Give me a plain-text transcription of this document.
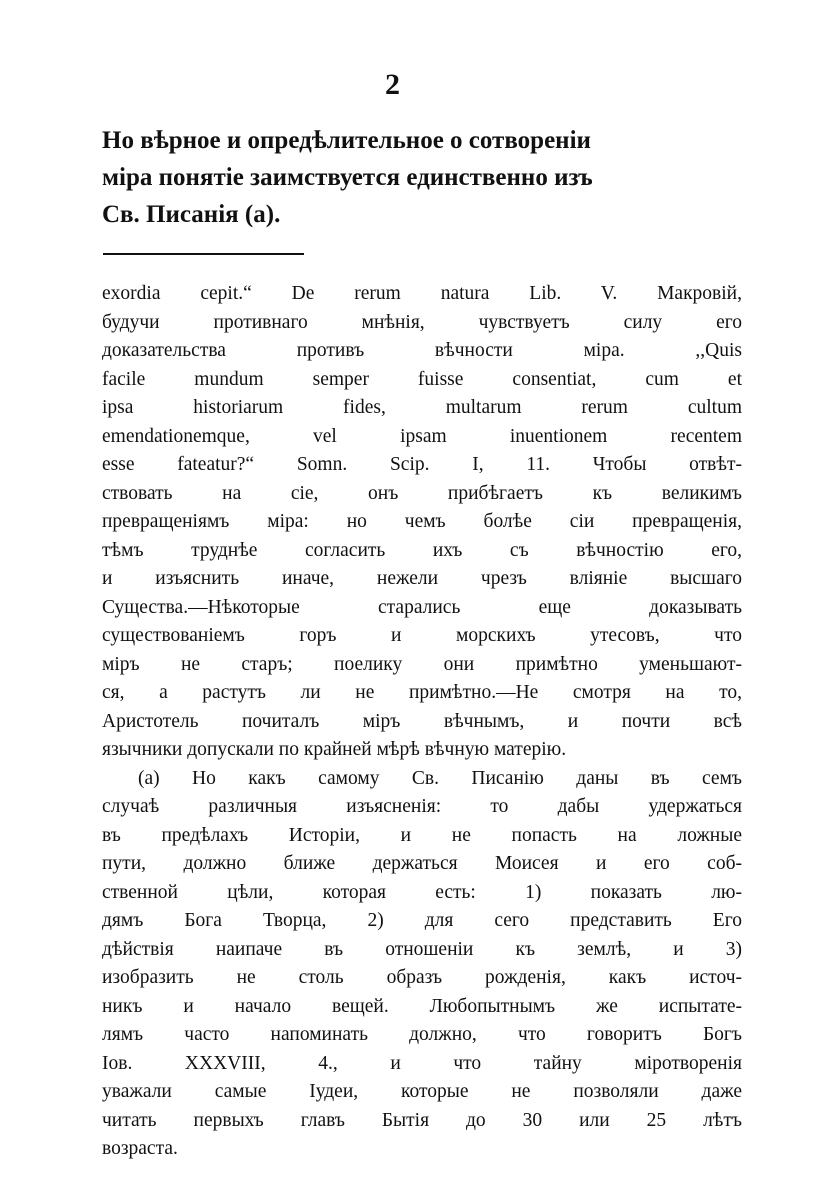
2
Но вѣрное и опредѣлительное о сотвореніи
міра понятіе заимствуется единственно изъ
Св. Писанія (a).
exordia cepit.“ De rerum natura Lib. V. Макровій,
будучи противнаго мнѣнія, чувствуетъ силу его
доказательства противъ вѣчности міра. ,,Quis
facile mundum semper fuisse consentiat, cum et
ipsa historiarum fides, multarum rerum cultum
emendationemque, vel ipsam inuentionem recentem
esse fateatur?“ Somn. Scip. I, 11. Чтобы отвѣт-
ствовать на сіе, онъ прибѣгаетъ къ великимъ
превращеніямъ міра: но чемъ болѣе сіи превращенія,
тѣмъ труднѣе согласить ихъ съ вѣчностію его,
и изъяснить иначе, нежели чрезъ вліяніе высшаго
Существа.—Нѣкоторые старались еще доказывать
существованіемъ горъ и морскихъ утесовъ, что
міръ не старъ; поелику они примѣтно уменьшают-
ся, а растутъ ли не примѣтно.—Не смотря на то,
Аристотель почиталъ міръ вѣчнымъ, и почти всѣ
язычники допускали по крайней мѣрѣ вѣчную матерію.
(a) Но какъ самому Св. Писанію даны въ семъ
случаѣ различныя изъясненія: то дабы удержаться
въ предѣлахъ Исторіи, и не попасть на ложные
пути, должно ближе держаться Моисея и его соб-
ственной цѣли, которая есть: 1) показать лю-
дямъ Бога Творца, 2) для сего представить Его
дѣйствія наипаче въ отношеніи къ землѣ, и 3)
изобразить не столь образъ рожденія, какъ источ-
никъ и начало вещей. Любопытнымъ же испытате-
лямъ часто напоминать должно, что говоритъ Богъ
Іов. XXXVIII, 4., и что тайну міротворенія
уважали самые Іудеи, которые не позволяли даже
читать первыхъ главъ Бытія до 30 или 25 лѣтъ
возраста.
